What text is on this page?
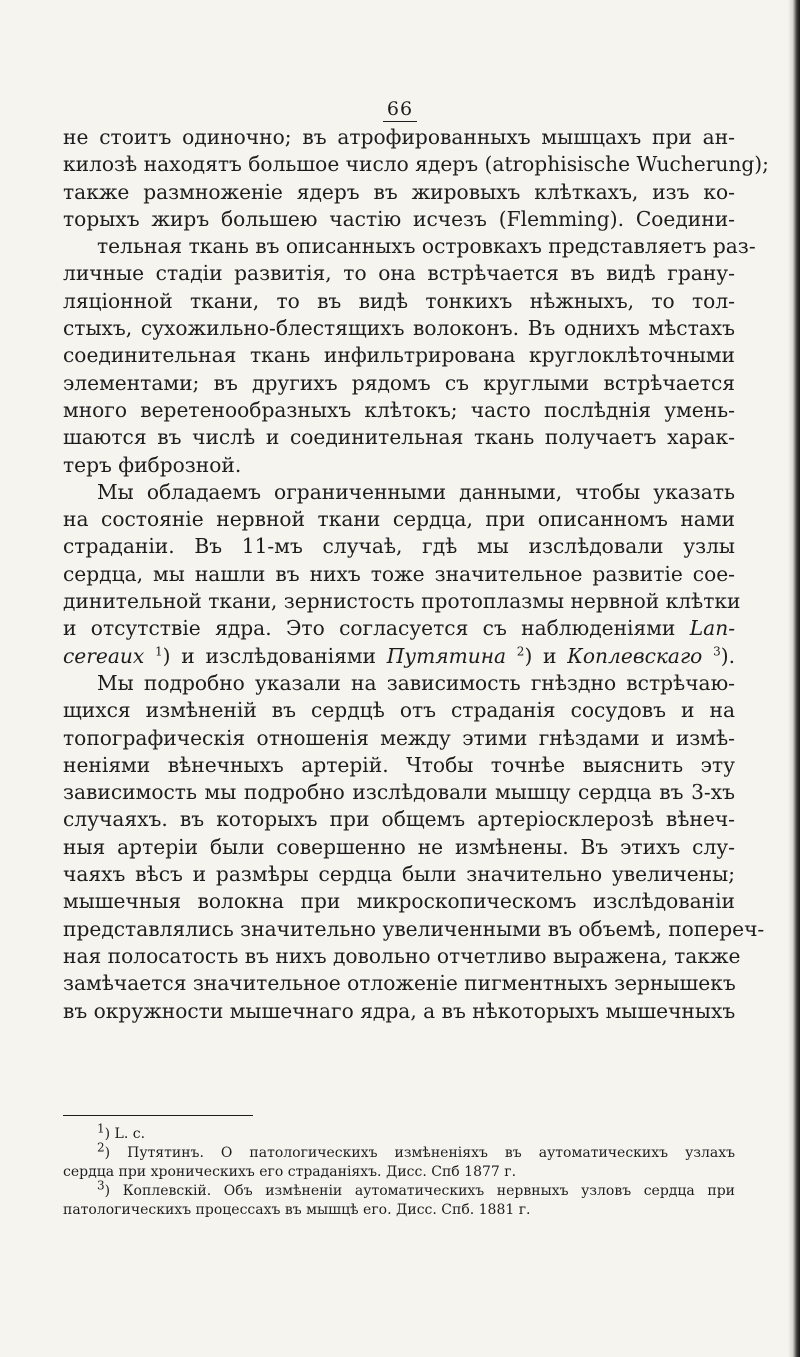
66
не стоитъ одиночно; въ атрофированныхъ мышцахъ при ан-
килозѣ находятъ большое число ядеръ (atrophisische Wucherung);
также размноженіе ядеръ въ жировыхъ клѣткахъ, изъ ко-
торыхъ жиръ большею частію исчезъ (Flemming). Соедини-
тельная ткань въ описанныхъ островкахъ представляетъ раз-
личные стадіи развитія, то она встрѣчается въ видѣ грану-
ляціонной ткани, то въ видѣ тонкихъ нѣжныхъ, то тол-
стыхъ, сухожильно-блестящихъ волоконъ. Въ однихъ мѣстахъ
соединительная ткань инфильтрирована круглоклѣточными
элементами; въ другихъ рядомъ съ круглыми встрѣчается
много веретенообразныхъ клѣтокъ; часто послѣднія умень-
шаются въ числѣ и соединительная ткань получаетъ харак-
теръ фиброзной.
Мы обладаемъ ограниченными данными, чтобы указать
на состояніе нервной ткани сердца, при описанномъ нами
страданіи. Въ 11-мъ случаѣ, гдѣ мы изслѣдовали узлы
сердца, мы нашли въ нихъ тоже значительное развитіе сое-
динительной ткани, зернистость протоплазмы нервной клѣтки
и отсутствіе ядра. Это согласуется съ наблюденіями Lan-
cereaux $^1$) и изслѣдованіями Путятина $^2$) и Коплевскаго $^3$).
Мы подробно указали на зависимость гнѣздно встрѣчаю-
щихся измѣненій въ сердцѣ отъ страданія сосудовъ и на
топографическія отношенія между этими гнѣздами и измѣ-
неніями вѣнечныхъ артерій. Чтобы точнѣе выяснить эту
зависимость мы подробно изслѣдовали мышцу сердца въ 3-хъ
случаяхъ. въ которыхъ при общемъ артеріосклерозѣ вѣнеч-
ныя артеріи были совершенно не измѣнены. Въ этихъ слу-
чаяхъ вѣсъ и размѣры сердца были значительно увеличены;
мышечныя волокна при микроскопическомъ изслѣдованіи
представлялись значительно увеличенными въ объемѣ, попереч-
ная полосатость въ нихъ довольно отчетливо выражена, также
замѣчается значительное отложеніе пигментныхъ зернышекъ
въ окружности мышечнаго ядра, а въ нѣкоторыхъ мышечныхъ
$^1$) L. c.
$^2$) Путятинъ. О патологическихъ измѣненіяхъ въ аутоматическихъ узлахъ
сердца при хроническихъ его страданіяхъ. Дисс. Спб 1877 г.
$^3$) Коплевскій. Объ измѣненіи аутоматическихъ нервныхъ узловъ сердца при
патологическихъ процессахъ въ мышцѣ его. Дисс. Спб. 1881 г.
